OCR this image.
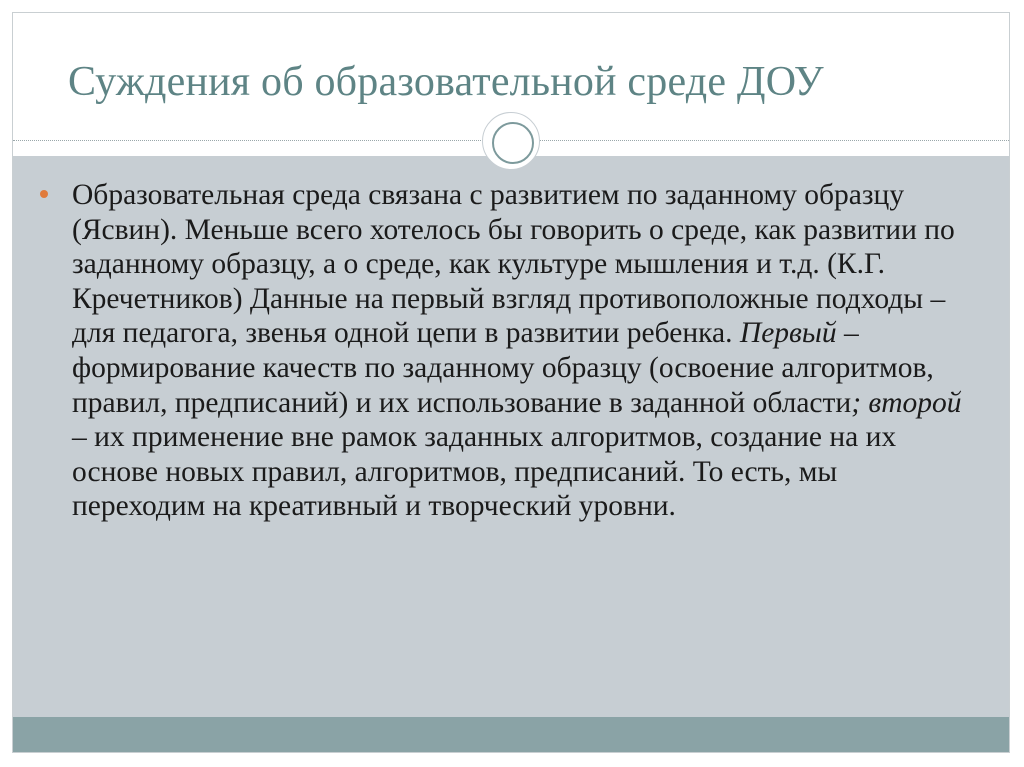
Суждения об образовательной среде ДОУ

Образовательная среда связана с развитием по заданному образцу (Ясвин). Меньше всего хотелось бы говорить о среде, как развитии по заданному образцу, а о среде, как культуре мышления и т.д. (К.Г. Кречетников) Данные на первый взгляд противоположные подходы – для педагога, звенья одной цепи в развитии ребенка. Первый – формирование качеств по заданному образцу (освоение алгоритмов, правил, предписаний) и их использование в заданной области; второй – их применение вне рамок заданных алгоритмов, создание на их основе новых правил, алгоритмов, предписаний. То есть, мы переходим на креативный и творческий уровни.
